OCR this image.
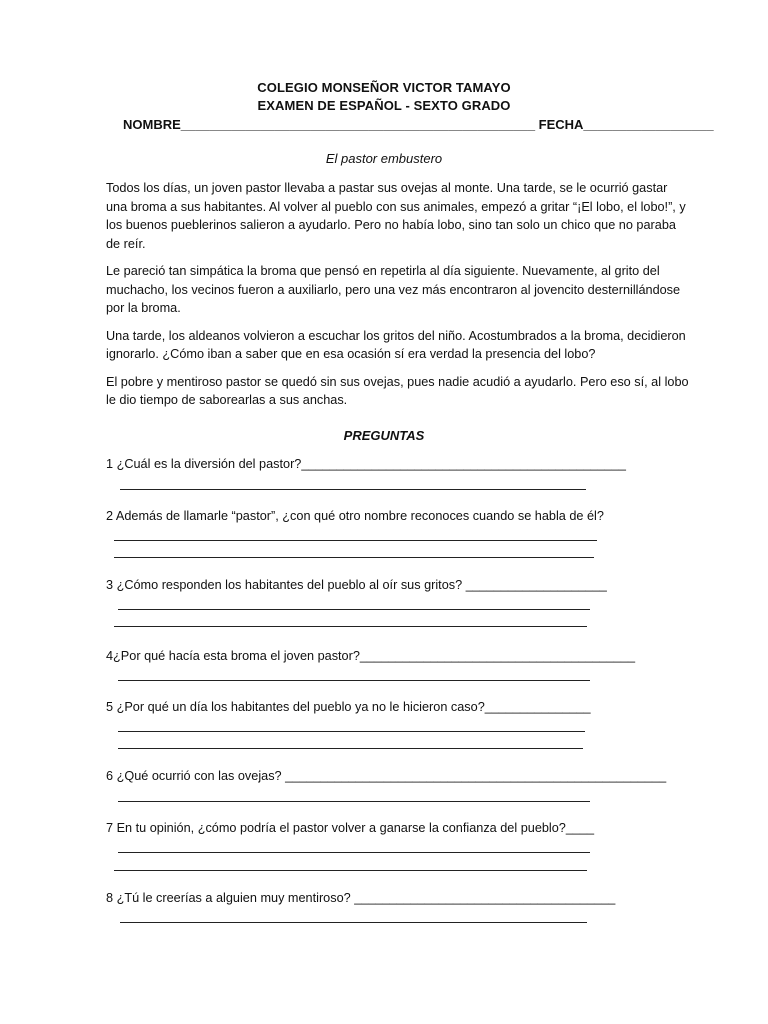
COLEGIO MONSEÑOR VICTOR TAMAYO
EXAMEN DE ESPAÑOL - SEXTO GRADO
NOMBRE_________________________________________________ FECHA__________________
El pastor embustero

Todos los días, un joven pastor llevaba a pastar sus ovejas al monte. Una tarde, se le ocurrió gastar una broma a sus habitantes. Al volver al pueblo con sus animales, empezó a gritar “¡El lobo, el lobo!”, y los buenos pueblerinos salieron a ayudarlo. Pero no había lobo, sino tan solo un chico que no paraba de reír.

Le pareció tan simpática la broma que pensó en repetirla al día siguiente. Nuevamente, al grito del muchacho, los vecinos fueron a auxiliarlo, pero una vez más encontraron al jovencito desternillándose por la broma.

Una tarde, los aldeanos volvieron a escuchar los gritos del niño. Acostumbrados a la broma, decidieron ignorarlo. ¿Cómo iban a saber que en esa ocasión sí era verdad la presencia del lobo?

El pobre y mentiroso pastor se quedó sin sus ovejas, pues nadie acudió a ayudarlo. Pero eso sí, al lobo le dio tiempo de saborearlas a sus anchas.

PREGUNTAS
1 ¿Cuál es la diversión del pastor?______________________________________________
2 Además de llamarle “pastor”, ¿con qué otro nombre reconoces cuando se habla de él?
3 ¿Cómo responden los habitantes del pueblo al oír sus gritos? ____________________
4¿Por qué hacía esta broma el joven pastor?_______________________________________
5 ¿Por qué un día los habitantes del pueblo ya no le hicieron caso?_______________
6 ¿Qué ocurrió con las ovejas? ______________________________________________________
7 En tu opinión, ¿cómo podría el pastor volver a ganarse la confianza del pueblo?____
8 ¿Tú le creerías a alguien muy mentiroso? _____________________________________
